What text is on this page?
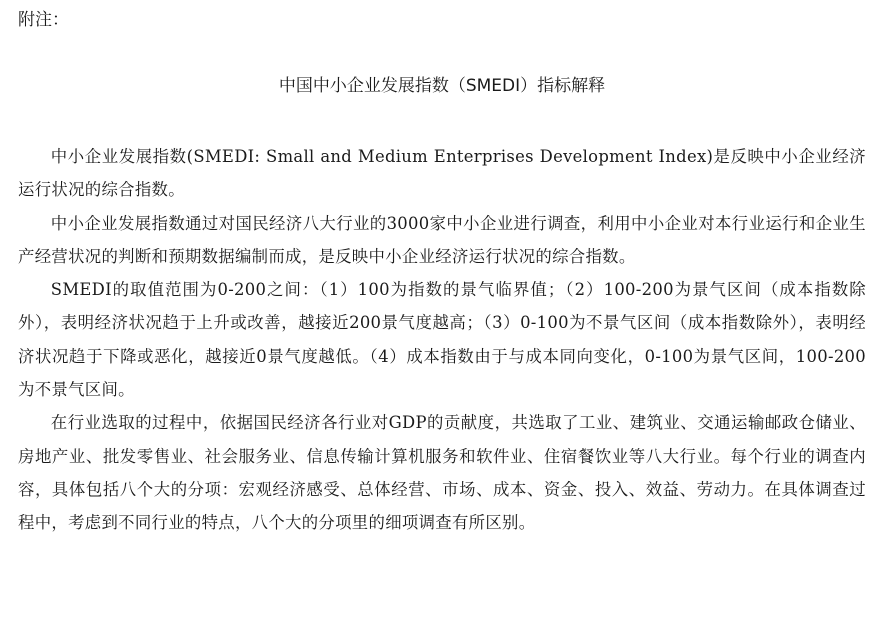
附注：
中国中小企业发展指数（SMEDI）指标解释

中小企业发展指数(SMEDI: Small and Medium Enterprises Development Index)是反映中小企业经济运行状况的综合指数。

中小企业发展指数通过对国民经济八大行业的3000家中小企业进行调查，利用中小企业对本行业运行和企业生产经营状况的判断和预期数据编制而成，是反映中小企业经济运行状况的综合指数。

SMEDI的取值范围为0-200之间：（1）100为指数的景气临界值；（2）100-200为景气区间（成本指数除外），表明经济状况趋于上升或改善，越接近200景气度越高；（3）0-100为不景气区间（成本指数除外），表明经济状况趋于下降或恶化，越接近0景气度越低。（4）成本指数由于与成本同向变化，0-100为景气区间，100-200为不景气区间。

在行业选取的过程中，依据国民经济各行业对GDP的贡献度，共选取了工业、建筑业、交通运输邮政仓储业、房地产业、批发零售业、社会服务业、信息传输计算机服务和软件业、住宿餐饮业等八大行业。每个行业的调查内容，具体包括八个大的分项：宏观经济感受、总体经营、市场、成本、资金、投入、效益、劳动力。在具体调查过程中，考虑到不同行业的特点，八个大的分项里的细项调查有所区别。
